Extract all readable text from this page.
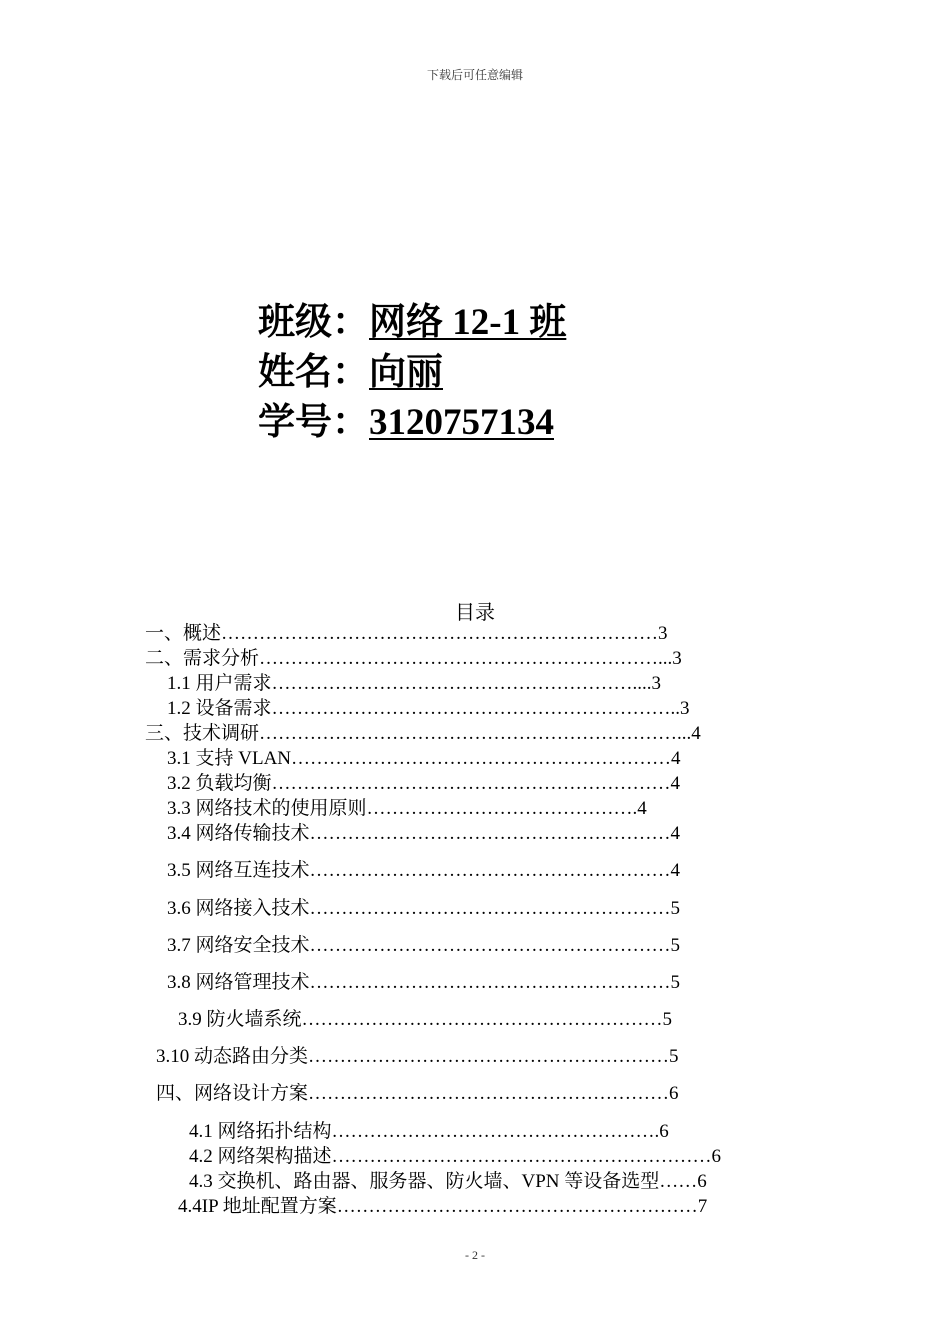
下载后可任意编辑
班级：网络 12-1 班
姓名：向丽
学号：3120757134
目录
一、概述……………………………………………………………3
二、需求分析………………………………………………………...3
1.1 用户需求…………………………………………………....3
1.2 设备需求………………………………………………………..3
三、技术调研…………………………………………………………...4
3.1 支持 VLAN……………………………………………………4
3.2 负载均衡………………………………………………………4
3.3 网络技术的使用原则…………………………………….4
3.4 网络传输技术…………………………………………………4
3.5 网络互连技术…………………………………………………4
3.6 网络接入技术…………………………………………………5
3.7 网络安全技术…………………………………………………5
3.8 网络管理技术…………………………………………………5
3.9 防火墙系统…………………………………………………5
3.10 动态路由分类…………………………………………………5
四、网络设计方案…………………………………………………6
4.1 网络拓扑结构…………………………………………….6
4.2 网络架构描述……………………………………………………6
4.3 交换机、路由器、服务器、防火墙、VPN 等设备选型……6
4.4IP 地址配置方案…………………………………………………7
- 2 -
